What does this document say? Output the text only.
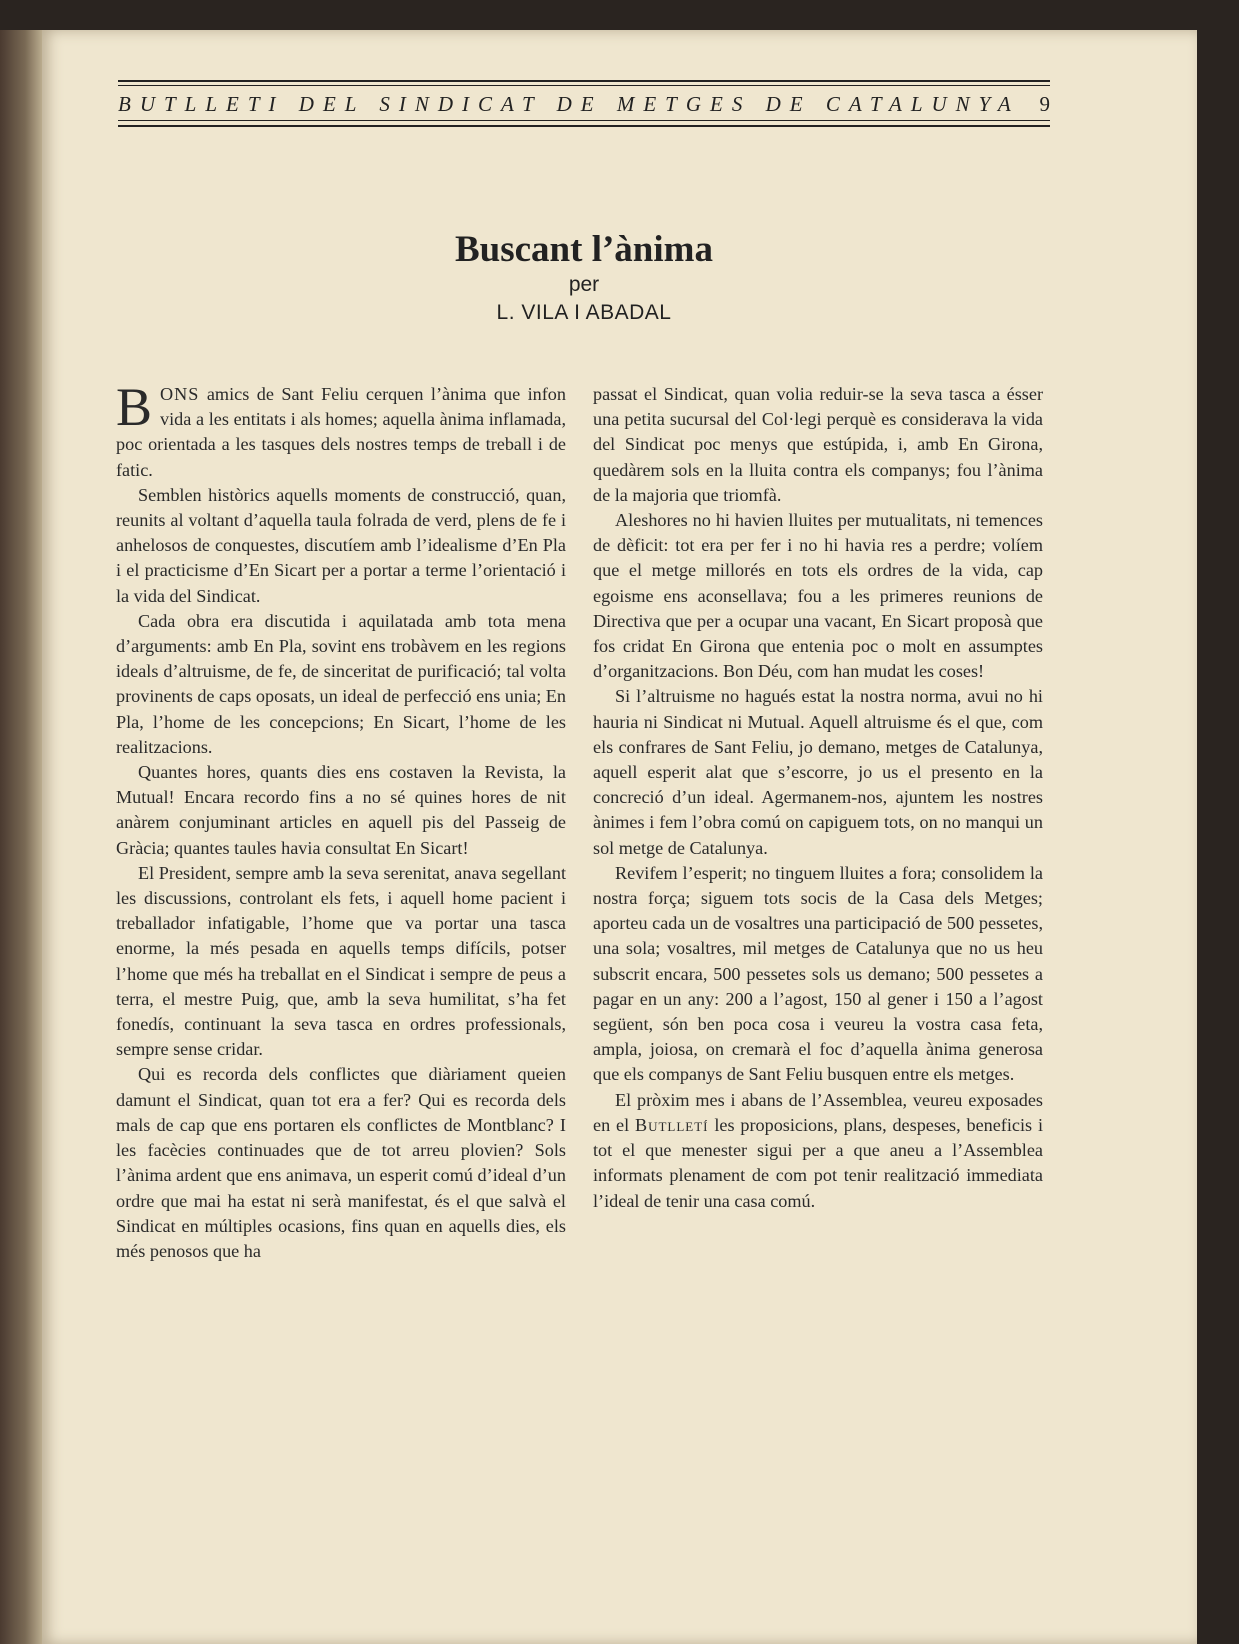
BUTLLETI DEL SINDICAT DE METGES DE CATALUNYA 9
Buscant l’ànima
per
L. VILA I ABADAL

BONS amics de Sant Feliu cerquen l’ànima que infon vida a les entitats i als homes; aquella ànima inflamada, poc orientada a les tasques dels nostres temps de treball i de fatic.

Semblen històrics aquells moments de construcció, quan, reunits al voltant d’aquella taula folrada de verd, plens de fe i anhelosos de conquestes, discutíem amb l’idealisme d’En Pla i el practicisme d’En Sicart per a portar a terme l’orientació i la vida del Sindicat.

Cada obra era discutida i aquilatada amb tota mena d’arguments: amb En Pla, sovint ens trobàvem en les regions ideals d’altruisme, de fe, de sinceritat de purificació; tal volta provinents de caps oposats, un ideal de perfecció ens unia; En Pla, l’home de les concepcions; En Sicart, l’home de les realitzacions.

Quantes hores, quants dies ens costaven la Revista, la Mutual! Encara recordo fins a no sé quines hores de nit anàrem conjuminant articles en aquell pis del Passeig de Gràcia; quantes taules havia consultat En Sicart!

El President, sempre amb la seva serenitat, anava segellant les discussions, controlant els fets, i aquell home pacient i treballador infatigable, l’home que va portar una tasca enorme, la més pesada en aquells temps difícils, potser l’home que més ha treballat en el Sindicat i sempre de peus a terra, el mestre Puig, que, amb la seva humilitat, s’ha fet fonedís, continuant la seva tasca en ordres professionals, sempre sense cridar.

Qui es recorda dels conflictes que diàriament queien damunt el Sindicat, quan tot era a fer? Qui es recorda dels mals de cap que ens portaren els conflictes de Montblanc? I les facècies continuades que de tot arreu plovien? Sols l’ànima ardent que ens animava, un esperit comú d’ideal d’un ordre que mai ha estat ni serà manifestat, és el que salvà el Sindicat en múltiples ocasions, fins quan en aquells dies, els més penosos que ha

passat el Sindicat, quan volia reduir-se la seva tasca a ésser una petita sucursal del Col·legi perquè es considerava la vida del Sindicat poc menys que estúpida, i, amb En Girona, quedàrem sols en la lluita contra els companys; fou l’ànima de la majoria que triomfà.

Aleshores no hi havien lluites per mutualitats, ni temences de dèficit: tot era per fer i no hi havia res a perdre; volíem que el metge millorés en tots els ordres de la vida, cap egoisme ens aconsellava; fou a les primeres reunions de Directiva que per a ocupar una vacant, En Sicart proposà que fos cridat En Girona que entenia poc o molt en assumptes d’organitzacions. Bon Déu, com han mudat les coses!

Si l’altruisme no hagués estat la nostra norma, avui no hi hauria ni Sindicat ni Mutual. Aquell altruisme és el que, com els confrares de Sant Feliu, jo demano, metges de Catalunya, aquell esperit alat que s’escorre, jo us el presento en la concreció d’un ideal. Agermanem-nos, ajuntem les nostres ànimes i fem l’obra comú on capiguem tots, on no manqui un sol metge de Catalunya.

Revifem l’esperit; no tinguem lluites a fora; consolidem la nostra força; siguem tots socis de la Casa dels Metges; aporteu cada un de vosaltres una participació de 500 pessetes, una sola; vosaltres, mil metges de Catalunya que no us heu subscrit encara, 500 pessetes sols us demano; 500 pessetes a pagar en un any: 200 a l’agost, 150 al gener i 150 a l’agost següent, són ben poca cosa i veureu la vostra casa feta, ampla, joiosa, on cremarà el foc d’aquella ànima generosa que els companys de Sant Feliu busquen entre els metges.

El pròxim mes i abans de l’Assemblea, veureu exposades en el Butlletí les proposicions, plans, despeses, beneficis i tot el que menester sigui per a que aneu a l’Assemblea informats plenament de com pot tenir realització immediata l’ideal de tenir una casa comú.
